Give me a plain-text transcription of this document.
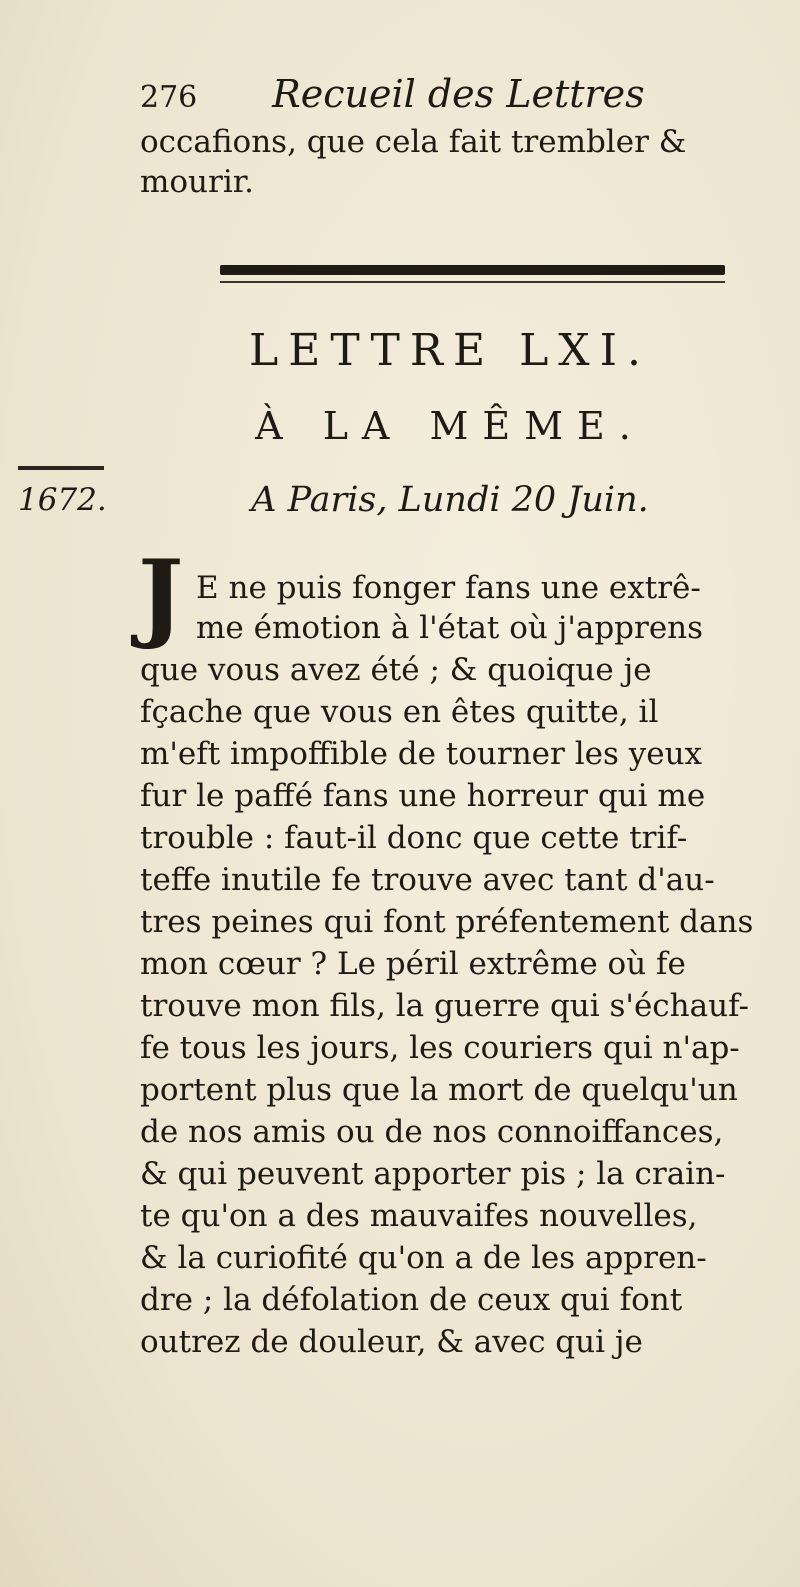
276 Recueil des Lettres
occafions, que cela fait trembler &
mourir.
LETTRE LXI.
À LA MÊME.
1672.	A Paris, Lundi 20 Juin.
J E ne puis fonger fans une extrê-
me émotion à l'état où j'apprens
que vous avez été ; & quoique je
fçache que vous en êtes quitte, il
m'eft impoffible de tourner les yeux
fur le paffé fans une horreur qui me
trouble : faut-il donc que cette trif-
teffe inutile fe trouve avec tant d'au-
tres peines qui font préfentement dans
mon cœur ? Le péril extrême où fe
trouve mon fils, la guerre qui s'échauf-
fe tous les jours, les couriers qui n'ap-
portent plus que la mort de quelqu'un
de nos amis ou de nos connoiffances,
& qui peuvent apporter pis ; la crain-
te qu'on a des mauvaifes nouvelles,
& la curiofité qu'on a de les appren-
dre ; la défolation de ceux qui font
outrez de douleur, & avec qui je
